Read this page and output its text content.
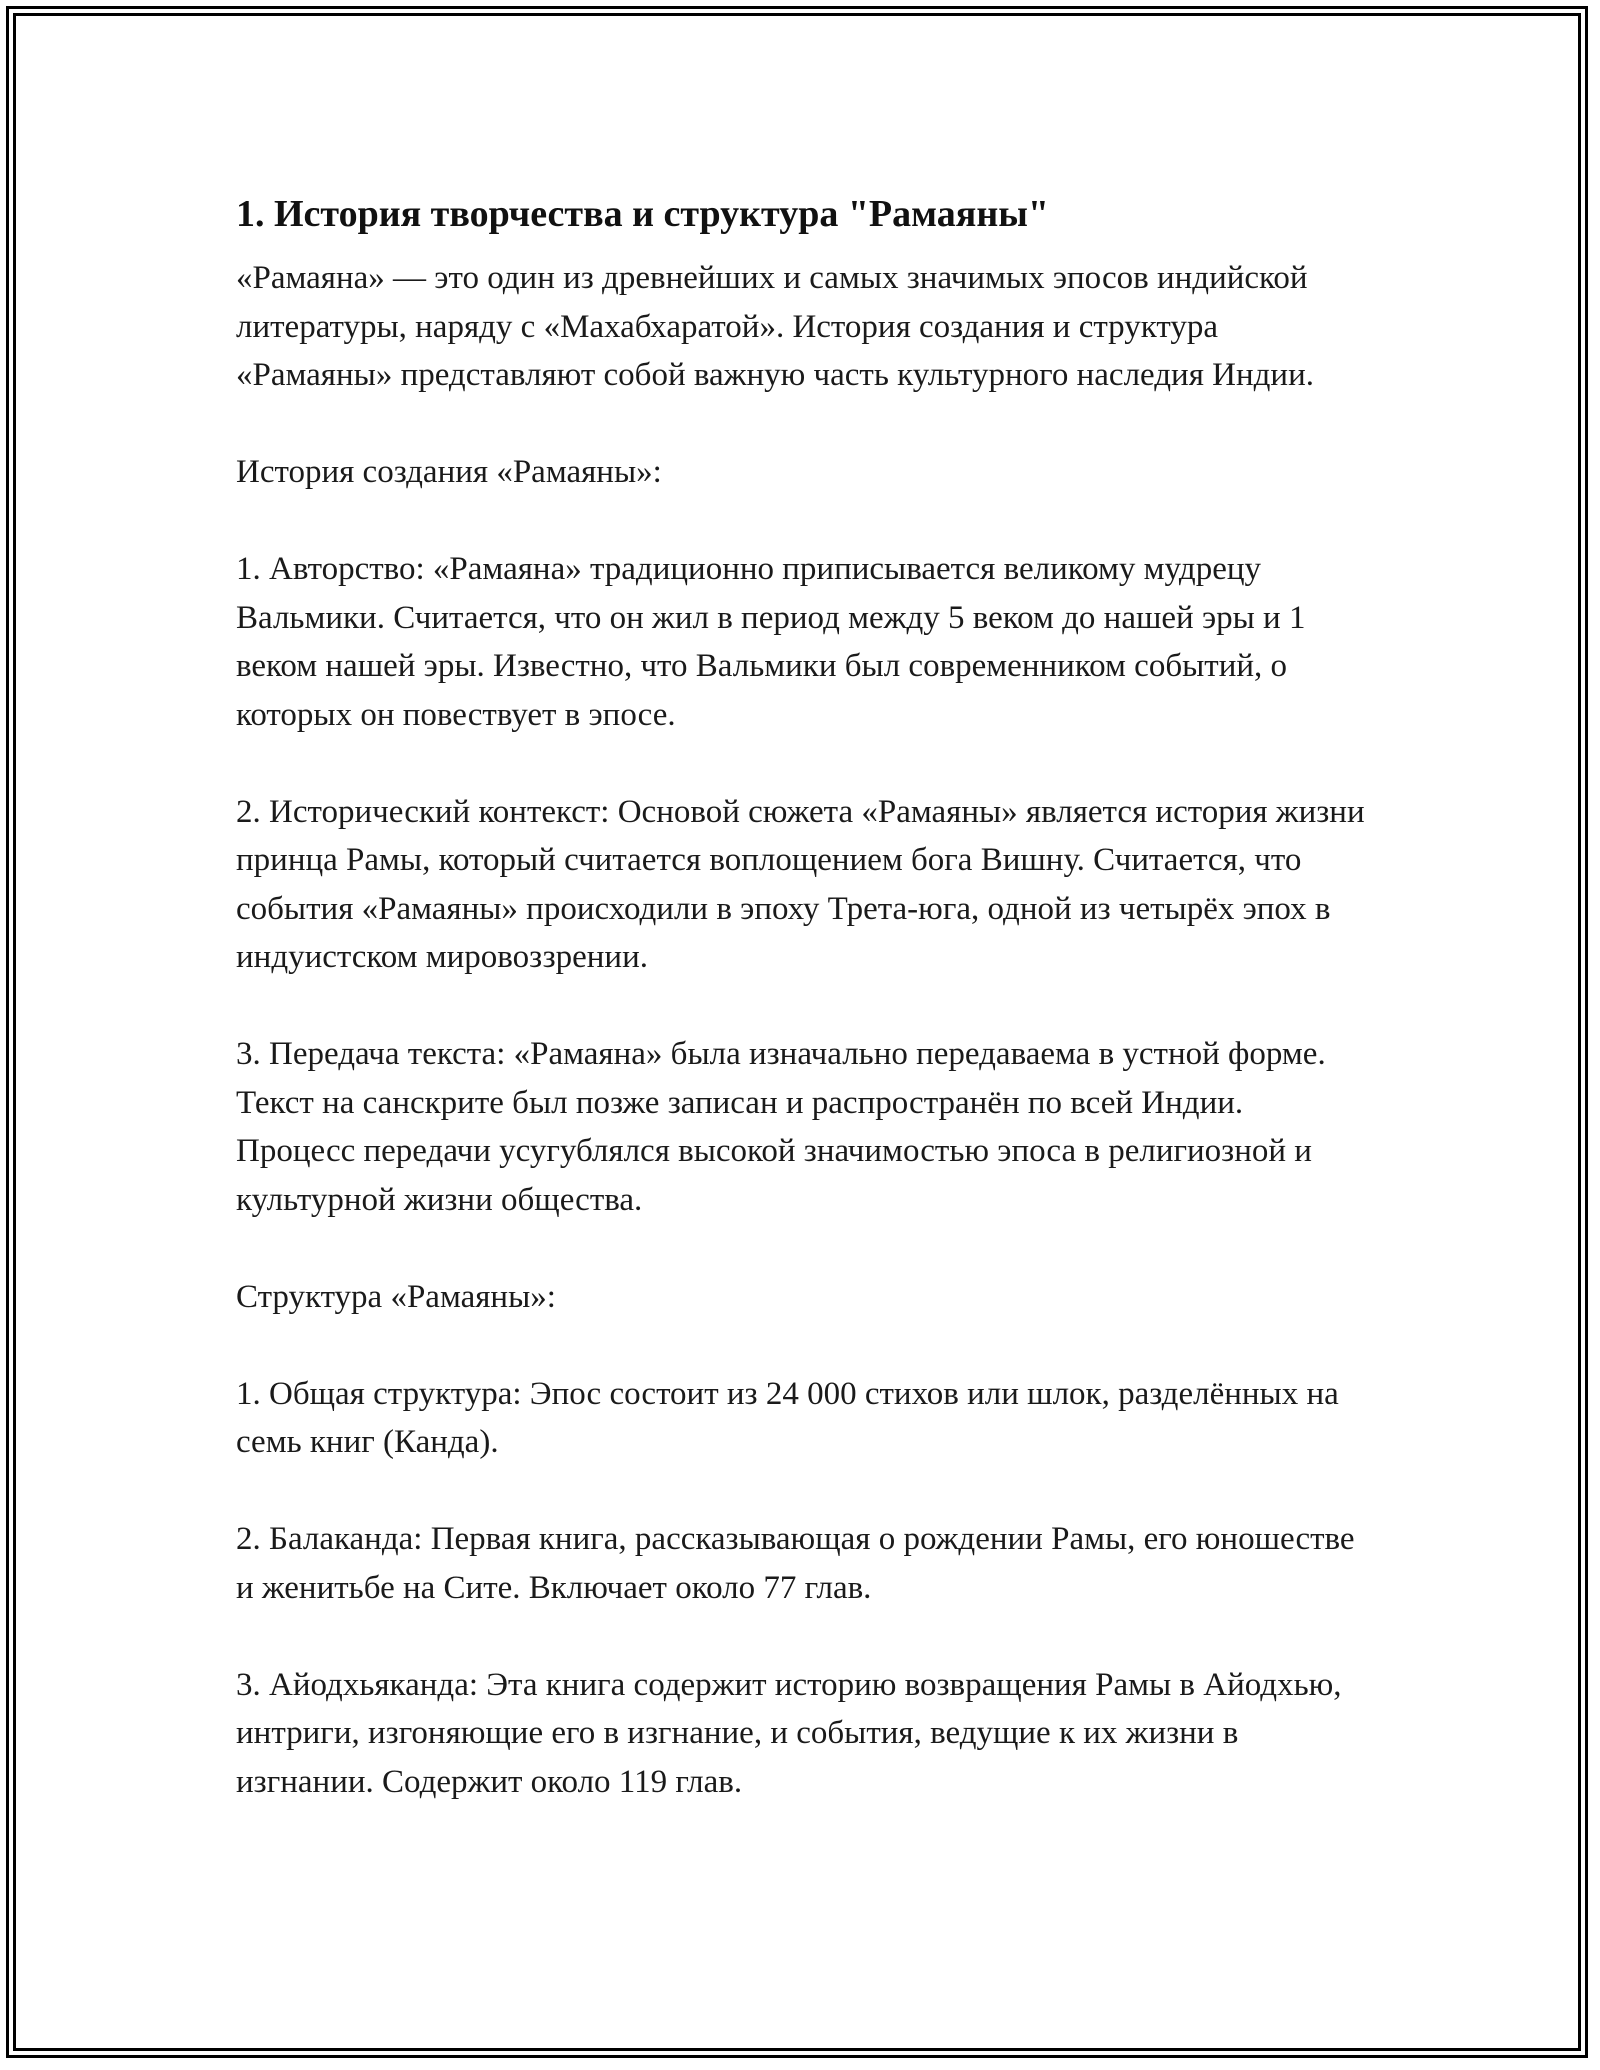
1. История творчества и структура "Рамаяны"

«Рамаяна» — это один из древнейших и самых значимых эпосов индийской литературы, наряду с «Махабхаратой». История создания и структура «Рамаяны» представляют собой важную часть культурного наследия Индии.

История создания «Рамаяны»:

1. Авторство: «Рамаяна» традиционно приписывается великому мудрецу Вальмики. Считается, что он жил в период между 5 веком до нашей эры и 1 веком нашей эры. Известно, что Вальмики был современником событий, о которых он повествует в эпосе.

2. Исторический контекст: Основой сюжета «Рамаяны» является история жизни принца Рамы, который считается воплощением бога Вишну. Считается, что события «Рамаяны» происходили в эпоху Трета-юга, одной из четырёх эпох в индуистском мировоззрении.

3. Передача текста: «Рамаяна» была изначально передаваема в устной форме. Текст на санскрите был позже записан и распространён по всей Индии. Процесс передачи усугублялся высокой значимостью эпоса в религиозной и культурной жизни общества.

Структура «Рамаяны»:

1. Общая структура: Эпос состоит из 24 000 стихов или шлок, разделённых на семь книг (Канда).

2. Балаканда: Первая книга, рассказывающая о рождении Рамы, его юношестве и женитьбе на Сите. Включает около 77 глав.

3. Айодхьяканда: Эта книга содержит историю возвращения Рамы в Айодхью, интриги, изгоняющие его в изгнание, и события, ведущие к их жизни в изгнании. Содержит около 119 глав.
